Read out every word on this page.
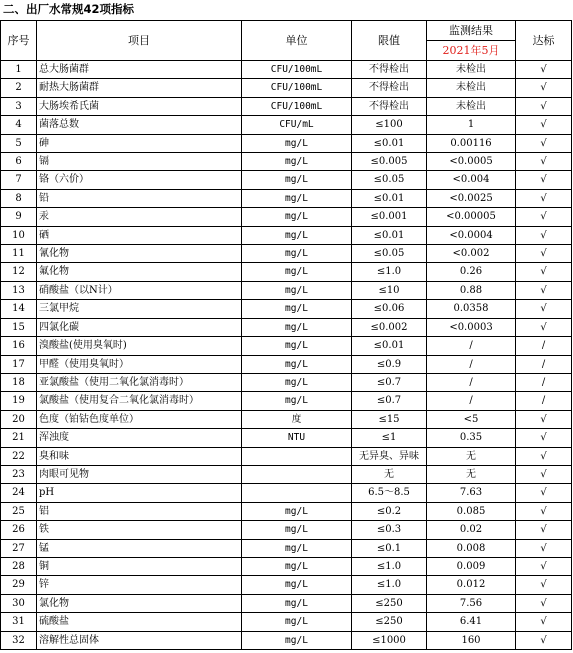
二、出厂水常规42项指标
序号	项目	单位	限值	监测结果
2021年5月	达标
1	总大肠菌群	CFU/100mL	不得检出	未检出	√
2	耐热大肠菌群	CFU/100mL	不得检出	未检出	√
3	大肠埃希氏菌	CFU/100mL	不得检出	未检出	√
4	菌落总数	CFU/mL	≤100	1	√
5	砷	mg/L	≤0.01	0.00116	√
6	镉	mg/L	≤0.005	<0.0005	√
7	铬（六价）	mg/L	≤0.05	<0.004	√
8	铅	mg/L	≤0.01	<0.0025	√
9	汞	mg/L	≤0.001	<0.00005	√
10	硒	mg/L	≤0.01	<0.0004	√
11	氰化物	mg/L	≤0.05	<0.002	√
12	氟化物	mg/L	≤1.0	0.26	√
13	硝酸盐（以N计）	mg/L	≤10	0.88	√
14	三氯甲烷	mg/L	≤0.06	0.0358	√
15	四氯化碳	mg/L	≤0.002	<0.0003	√
16	溴酸盐(使用臭氧时)	mg/L	≤0.01	/	/
17	甲醛（使用臭氧时）	mg/L	≤0.9	/	/
18	亚氯酸盐（使用二氧化氯消毒时）	mg/L	≤0.7	/	/
19	氯酸盐（使用复合二氧化氯消毒时）	mg/L	≤0.7	/	/
20	色度（铂钴色度单位）	度	≤15	<5	√
21	浑浊度	NTU	≤1	0.35	√
22	臭和味		无异臭、异味	无	√
23	肉眼可见物		无	无	√
24	pH		6.5～8.5	7.63	√
25	铝	mg/L	≤0.2	0.085	√
26	铁	mg/L	≤0.3	0.02	√
27	锰	mg/L	≤0.1	0.008	√
28	铜	mg/L	≤1.0	0.009	√
29	锌	mg/L	≤1.0	0.012	√
30	氯化物	mg/L	≤250	7.56	√
31	硫酸盐	mg/L	≤250	6.41	√
32	溶解性总固体	mg/L	≤1000	160	√
